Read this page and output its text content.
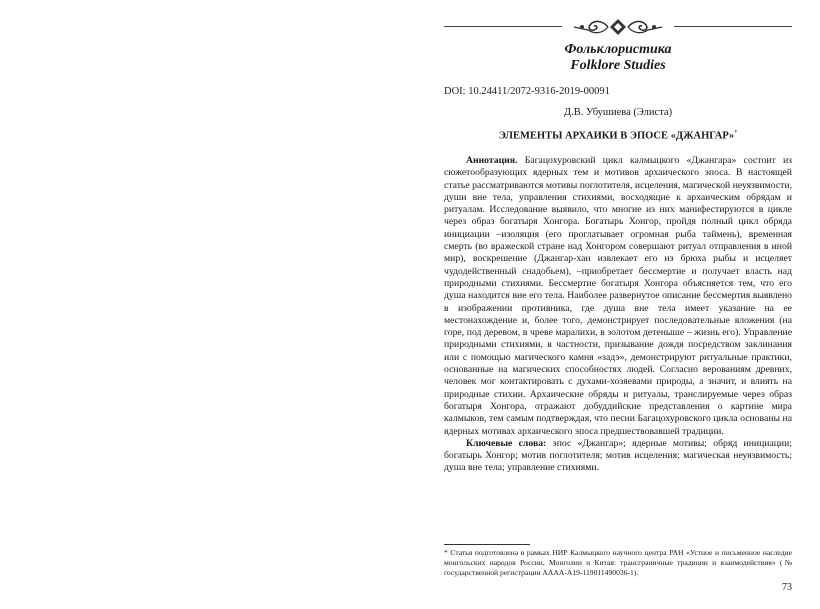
Фольклористика
Folklore Studies
DOI: 10.24411/2072-9316-2019-00091
Д.В. Убушиева (Элиста)
ЭЛЕМЕНТЫ АРХАИКИ В ЭПОСЕ «ДЖАНГАР»*

Аннотация. Багацохуровский цикл калмыцкого «Джангара» состоит из сюжетообразующих ядерных тем и мотивов архаического эпоса. В настоящей статье рассматриваются мотивы поглотителя, исцеления, магической неуязвимости, души вне тела, управления стихиями, восходящие к архаическим обрядам и ритуалам. Исследование выявило, что многие из них манифестируются в цикле через образ богатыря Хонгора. Богатырь Хонгор, пройдя полный цикл обряда инициации –изоляция (его проглатывает огромная рыба таймень), временная смерть (во вражеской стране над Хонгором совершают ритуал отправления в иной мир), воскрешение (Джангар-хан извлекает его из брюха рыбы и исцеляет чудодейственный снадобьем), –приобретает бессмертие и получает власть над природными стихиями. Бессмертие богатыря Хонгора объясняется тем, что его душа находится вне его тела. Наиболее развернутое описание бессмертия выявлено в изображении противника, где душа вне тела имеет указание на ее местонахождение и, более того, демонстрирует последовательные вложения (на горе, под деревом, в чреве маралихи, в золотом детеныше – жизнь его). Управление природными стихиями, в частности, призывание дождя посредством заклинания или с помощью магического камня «задэ», демонстрируют ритуальные практики, основанные на магических способностях людей. Согласно верованиям древних, человек мог контактировать с духами-хозяевами природы, а значит, и влиять на природные стихии. Архаические обряды и ритуалы, транслируемые через образ богатыря Хонгора, отражают добуддийские представления о картине мира калмыков, тем самым подтверждая, что песни Багацохуровского цикла основаны на ядерных мотивах архаического эпоса предшествовавшей традиции.

Ключевые слова: эпос «Джангар»; ядерные мотивы; обряд инициации; богатырь Хонгор; мотив поглотителя; мотив исцеления; магическая неуязвимость; душа вне тела; управление стихиями.

* Статья подготовлена в рамках НИР Калмыцкого научного центра РАН «Устное и письменное наследие монгольских народов России, Монголии и Китая: трансграничные традиции и взаимодействия» (№ государственной регистрации АААА-А19-119011490036-1).
73
